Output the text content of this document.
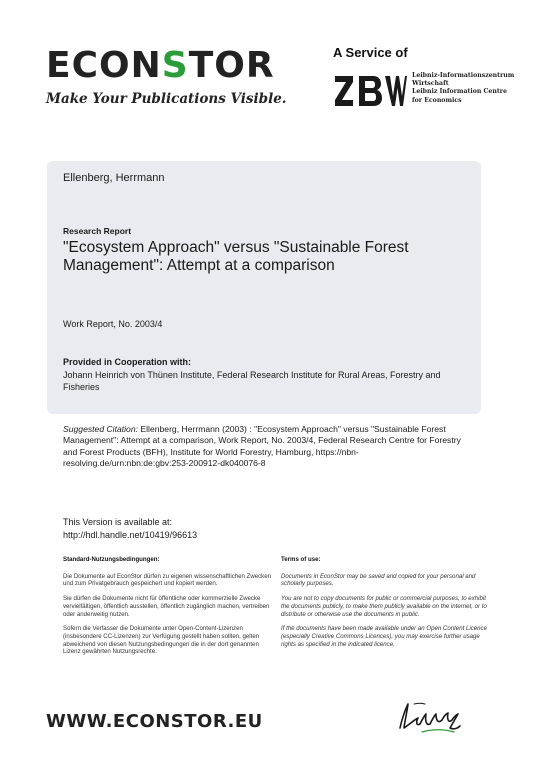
ECONSTOR
Make Your Publications Visible.
A Service of
Leibniz-Informationszentrum
Wirtschaft
Leibniz Information Centre
for Economics
Ellenberg, Herrmann
Research Report
"Ecosystem Approach" versus "Sustainable Forest Management": Attempt at a comparison
Work Report, No. 2003/4
Provided in Cooperation with:
Johann Heinrich von Thünen Institute, Federal Research Institute for Rural Areas, Forestry and Fisheries
Suggested Citation: Ellenberg, Herrmann (2003) : "Ecosystem Approach" versus "Sustainable Forest Management": Attempt at a comparison, Work Report, No. 2003/4, Federal Research Centre for Forestry and Forest Products (BFH), Institute for World Forestry, Hamburg, https://nbn-resolving.de/urn:nbn:de:gbv:253-200912-dk040076-8
This Version is available at:
http://hdl.handle.net/10419/96613
Standard-Nutzungsbedingungen:

Die Dokumente auf EconStor dürfen zu eigenen wissenschaftlichen Zwecken und zum Privatgebrauch gespeichert und kopiert werden.

Sie dürfen die Dokumente nicht für öffentliche oder kommerzielle Zwecke vervielfältigen, öffentlich ausstellen, öffentlich zugänglich machen, vertreiben oder anderweitig nutzen.

Sofern die Verfasser die Dokumente unter Open-Content-Lizenzen (insbesondere CC-Lizenzen) zur Verfügung gestellt haben sollten, gelten abweichend von diesen Nutzungsbedingungen die in der dort genannten Lizenz gewährten Nutzungsrechte.

Terms of use:

Documents in EconStor may be saved and copied for your personal and scholarly purposes.

You are not to copy documents for public or commercial purposes, to exhibit the documents publicly, to make them publicly available on the internet, or to distribute or otherwise use the documents in public.

If the documents have been made available under an Open Content Licence (especially Creative Commons Licences), you may exercise further usage rights as specified in the indicated licence.

WWW.ECONSTOR.EU
